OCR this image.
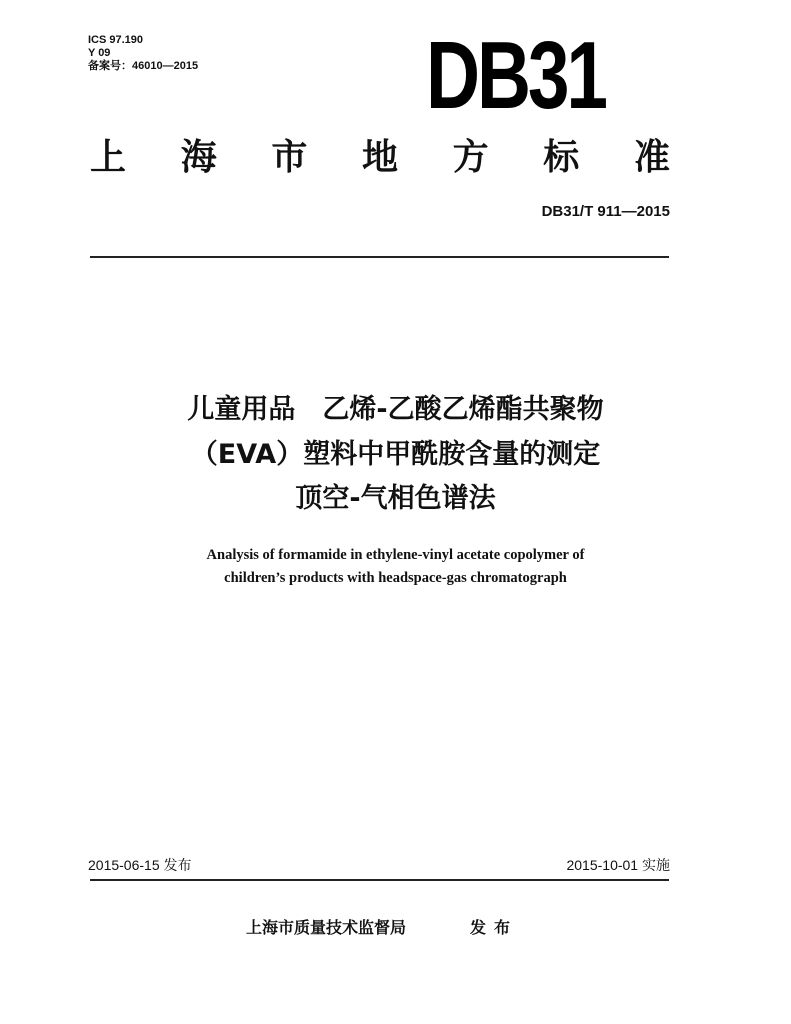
ICS 97.190
Y 09
备案号：46010—2015 DB31
上 海 市 地 方 标 准
DB31/T 911—2015
儿童用品　乙烯-乙酸乙烯酯共聚物
（EVA）塑料中甲酰胺含量的测定
顶空-气相色谱法
Analysis of formamide in ethylene-vinyl acetate copolymer of
children’s products with headspace-gas chromatograph
2015-06-15 发布	2015-10-01 实施
上海市质量技术监督局	发布
